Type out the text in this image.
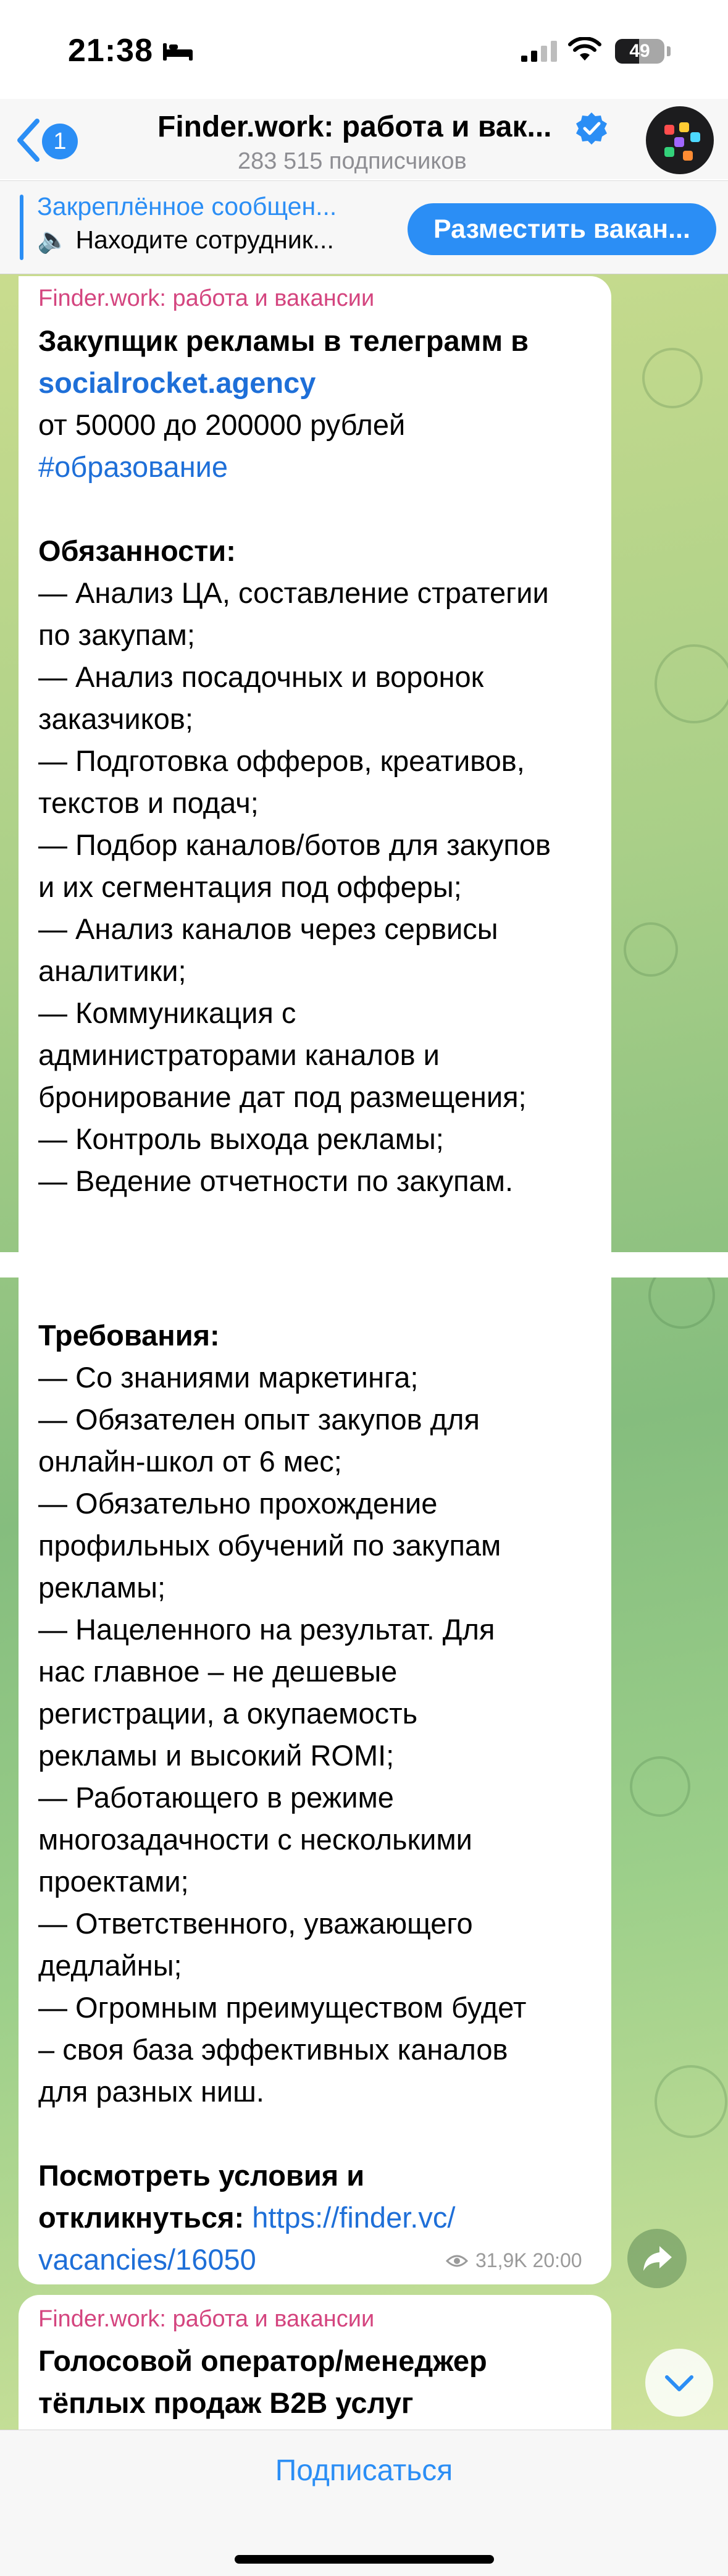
21:38	49
1	Finder.work: работа и вак...
283 515 подписчиков
Закреплённое сообщен...
🔈 Находите сотрудник...	Разместить вакан...
Finder.work: работа и вакансии
Закупщик рекламы в телеграмм в
socialrocket.agency
от 50000 до 200000 рублей
#образование
Обязанности:
— Анализ ЦА, составление стратегии
по закупам;
— Анализ посадочных и воронок
заказчиков;
— Подготовка офферов, креативов,
текстов и подач;
— Подбор каналов/ботов для закупов
и их сегментация под офферы;
— Анализ каналов через сервисы
аналитики;
— Коммуникация с
администраторами каналов и
бронирование дат под размещения;
— Контроль выхода рекламы;
— Ведение отчетности по закупам.
Требования:
— Со знаниями маркетинга;
— Обязателен опыт закупов для
онлайн-школ от 6 мес;
— Обязательно прохождение
профильных обучений по закупам
рекламы;
— Нацеленного на результат. Для
нас главное – не дешевые
регистрации, а окупаемость
рекламы и высокий ROMI;
— Работающего в режиме
многозадачности с несколькими
проектами;
— Ответственного, уважающего
дедлайны;
— Огромным преимуществом будет
– своя база эффективных каналов
для разных ниш.
Посмотреть условия и
откликнуться: https://finder.vc/
vacancies/16050	31,9K 20:00
Finder.work: работа и вакансии
Голосовой оператор/менеджер
тёплых продаж B2B услуг
Подписаться
